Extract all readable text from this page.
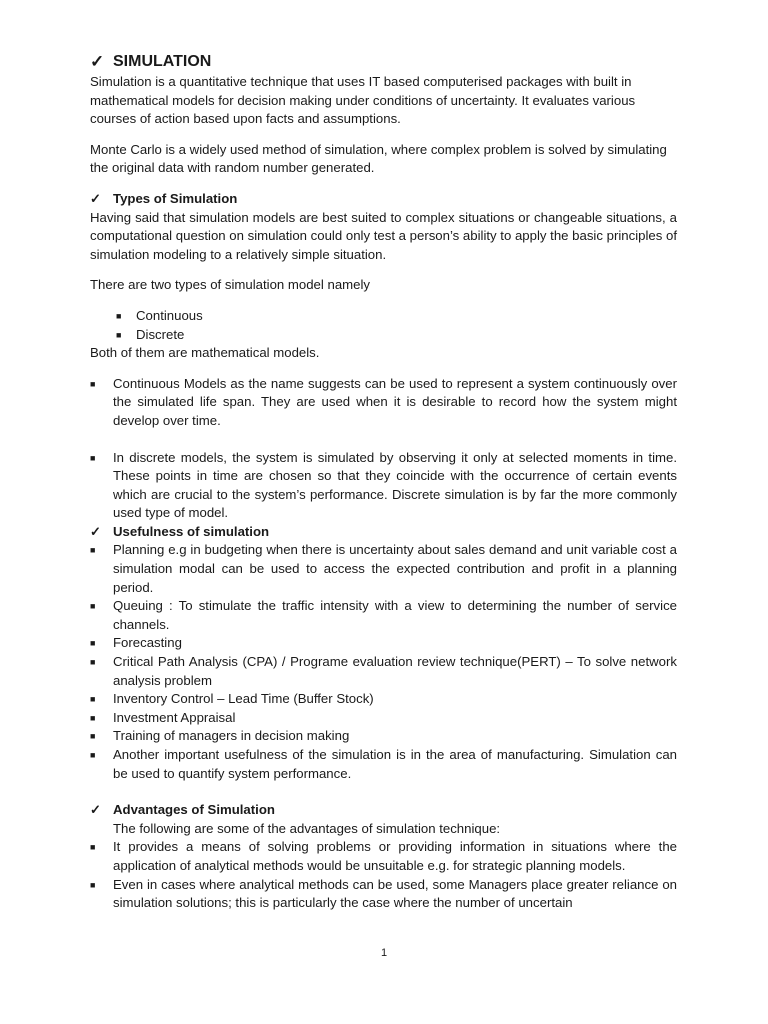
✓ SIMULATION

Simulation is a quantitative technique that uses IT based computerised packages with built in mathematical models for decision making under conditions of uncertainty. It evaluates various courses of action based upon facts and assumptions.

Monte Carlo is a widely used method of simulation, where complex problem is solved by simulating the original data with random number generated.

✓ Types of Simulation

Having said that simulation models are best suited to complex situations or changeable situations, a computational question on simulation could only test a person’s ability to apply the basic principles of simulation modeling to a relatively simple situation.

There are two types of simulation model namely

■	Continuous
■	Discrete

Both of them are mathematical models.

■	Continuous Models as the name suggests can be used to represent a system continuously over the simulated life span. They are used when it is desirable to record how the system might develop over time.
■	In discrete models, the system is simulated by observing it only at selected moments in time. These points in time are chosen so that they coincide with the occurrence of certain events which are crucial to the system’s performance. Discrete simulation is by far the more commonly used type of model.
✓ Usefulness of simulation
■	Planning e.g in budgeting when there is uncertainty about sales demand and unit variable cost a simulation modal can be used to access the expected contribution and profit in a planning period.
■	Queuing : To stimulate the traffic intensity with a view to determining the number of service channels.
■	Forecasting
■	Critical Path Analysis (CPA) / Programe evaluation review technique(PERT) – To solve network analysis problem
■	Inventory Control – Lead Time (Buffer Stock)
■	Investment Appraisal
■	Training of managers in decision making
■	Another important usefulness of the simulation is in the area of manufacturing. Simulation can be used to quantify system performance.
✓ Advantages of Simulation

The following are some of the advantages of simulation technique:

■	It provides a means of solving problems or providing information in situations where the application of analytical methods would be unsuitable e.g. for strategic planning models.
■	Even in cases where analytical methods can be used, some Managers place greater reliance on simulation solutions; this is particularly the case where the number of uncertain
1
